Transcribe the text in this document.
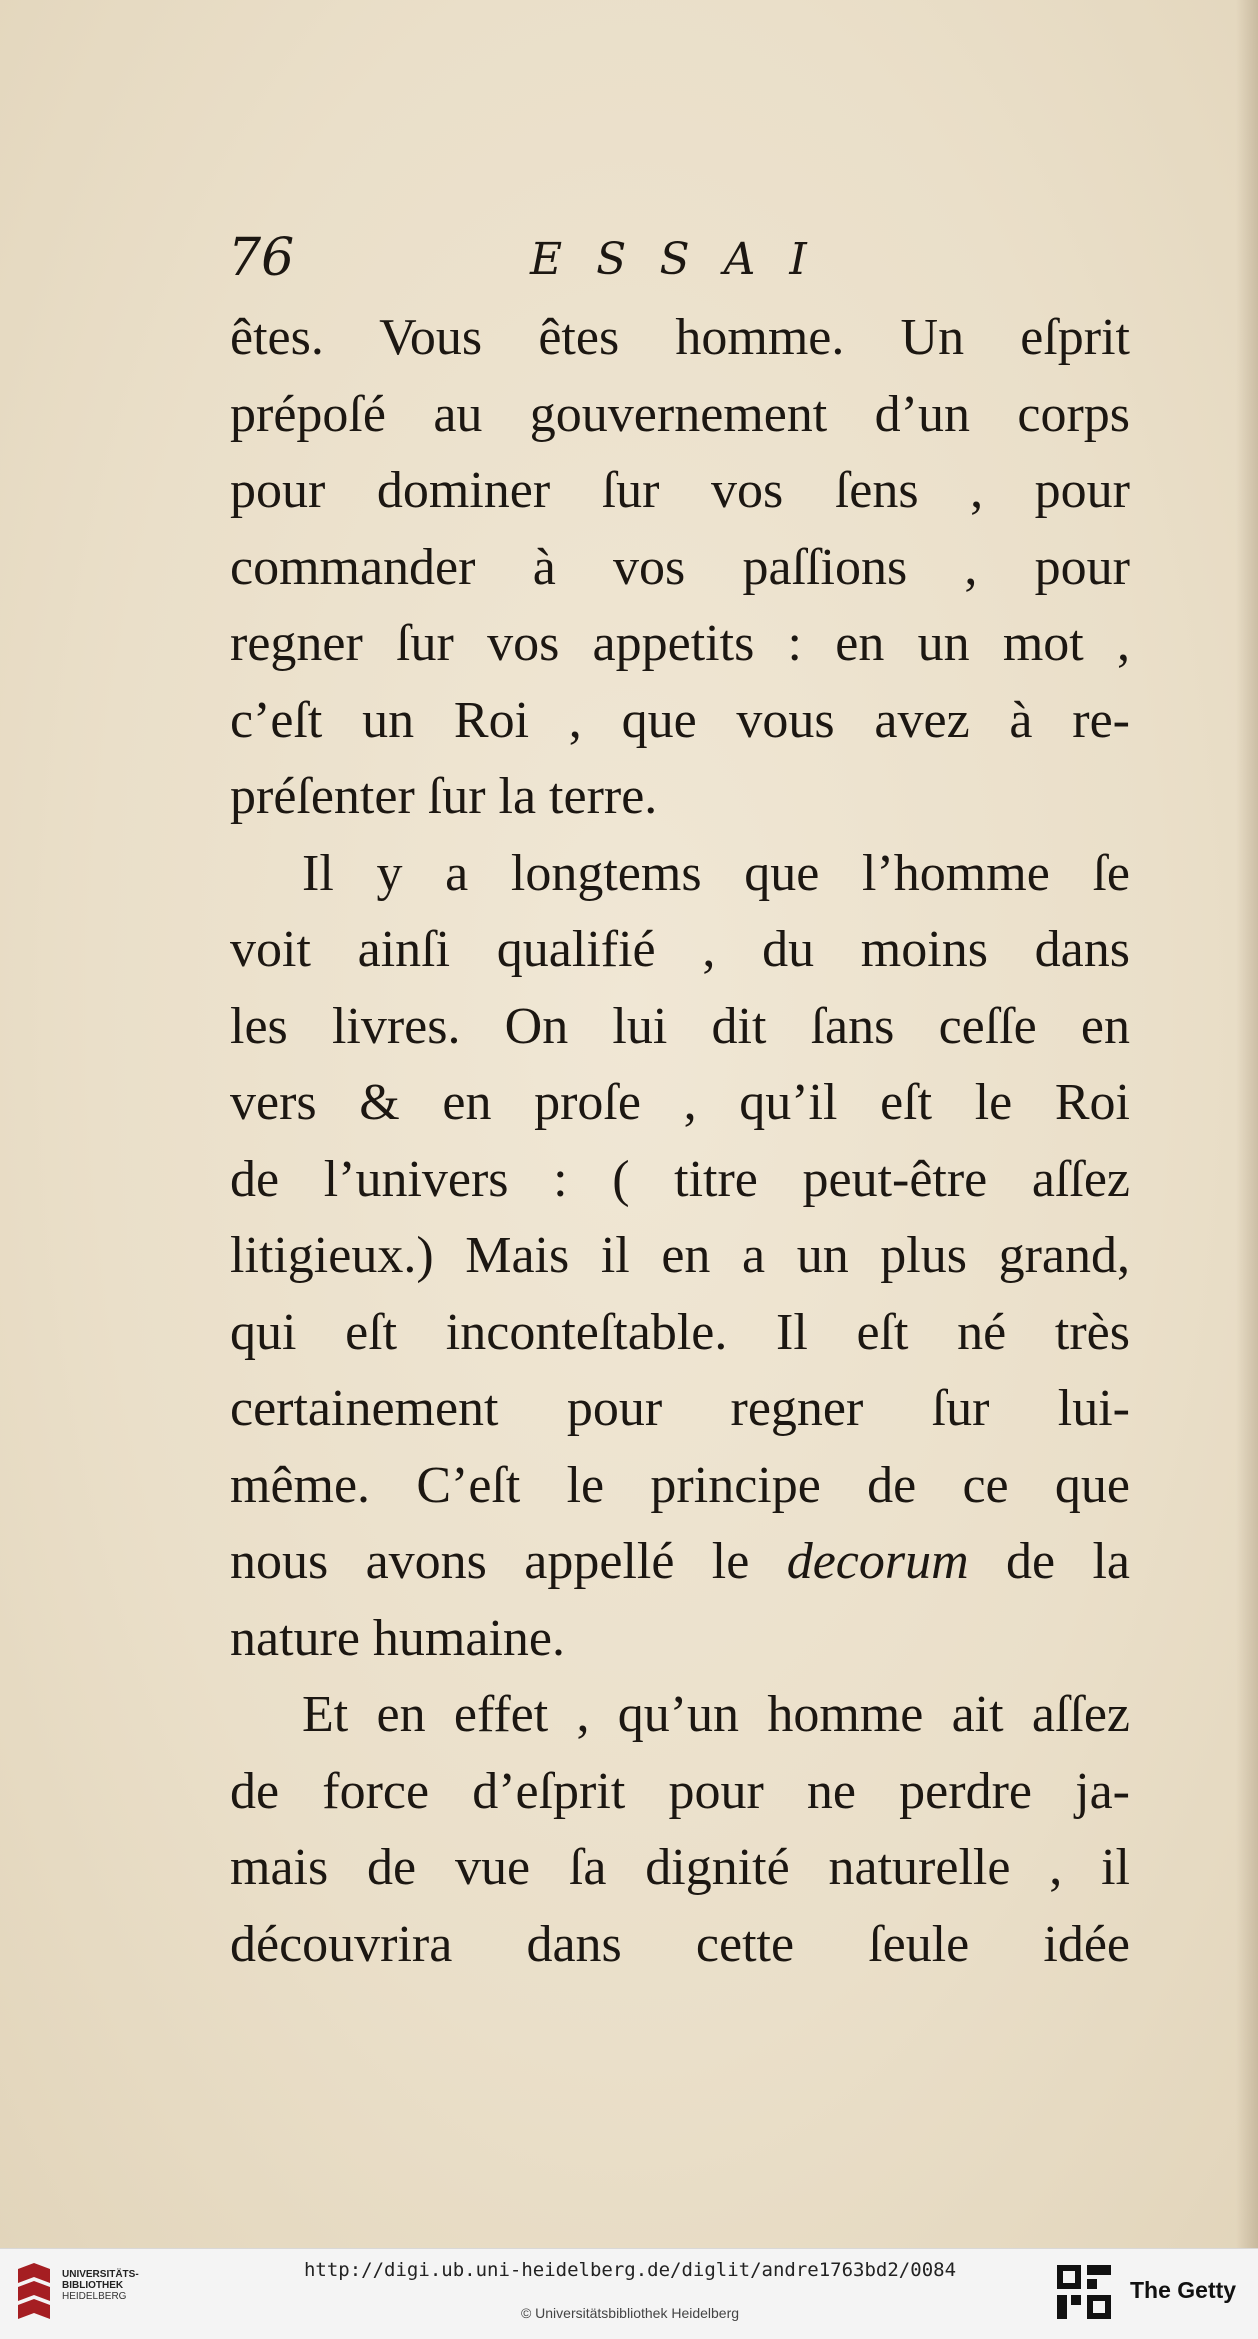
76	ESSAI
êtes. Vous êtes homme. Un eſprit
prépoſé au gouvernement d’un corps
pour dominer ſur vos ſens , pour
commander à vos paſſions , pour
regner ſur vos appetits : en un mot ,
c’eſt un Roi , que vous avez à re-
préſenter ſur la terre.
Il y a longtems que l’homme ſe
voit ainſi qualifié , du moins dans
les livres. On lui dit ſans ceſſe en
vers & en proſe , qu’il eſt le Roi
de l’univers : ( titre peut-être aſſez
litigieux.) Mais il en a un plus grand,
qui eſt inconteſtable. Il eſt né très
certainement pour regner ſur lui-
même. C’eſt le principe de ce que
nous avons appellé le decorum de la
nature humaine.
Et en effet , qu’un homme ait aſſez
de force d’eſprit pour ne perdre ja-
mais de vue ſa dignité naturelle , il
découvrira dans cette ſeule idée
UNIVERSITÄTS-
BIBLIOTHEK
HEIDELBERG
http://digi.ub.uni-heidelberg.de/diglit/andre1763bd2/0084
© Universitätsbibliothek Heidelberg
The Getty
